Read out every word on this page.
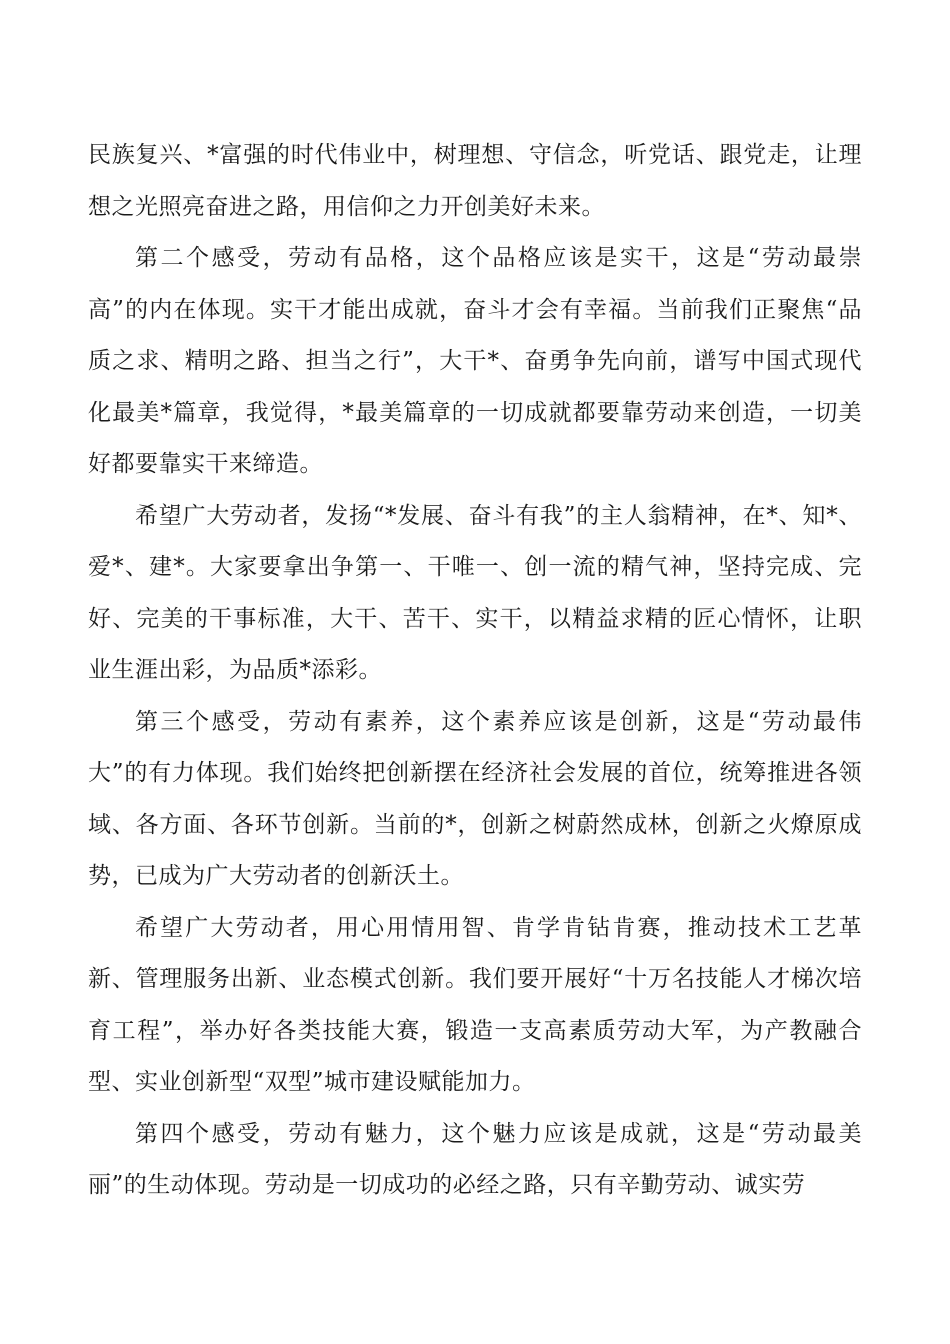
民族复兴、*富强的时代伟业中，树理想、守信念，听党话、跟党走，让理想之光照亮奋进之路，用信仰之力开创美好未来。

第二个感受，劳动有品格，这个品格应该是实干，这是“劳动最崇高”的内在体现。实干才能出成就，奋斗才会有幸福。当前我们正聚焦“品质之求、精明之路、担当之行”，大干*、奋勇争先向前，谱写中国式现代化最美*篇章，我觉得，*最美篇章的一切成就都要靠劳动来创造，一切美好都要靠实干来缔造。

希望广大劳动者，发扬“*发展、奋斗有我”的主人翁精神，在*、知*、爱*、建*。大家要拿出争第一、干唯一、创一流的精气神，坚持完成、完好、完美的干事标准，大干、苦干、实干，以精益求精的匠心情怀，让职业生涯出彩，为品质*添彩。

第三个感受，劳动有素养，这个素养应该是创新，这是“劳动最伟大”的有力体现。我们始终把创新摆在经济社会发展的首位，统筹推进各领域、各方面、各环节创新。当前的*，创新之树蔚然成林，创新之火燎原成势，已成为广大劳动者的创新沃土。

希望广大劳动者，用心用情用智、肯学肯钻肯赛，推动技术工艺革新、管理服务出新、业态模式创新。我们要开展好“十万名技能人才梯次培育工程”，举办好各类技能大赛，锻造一支高素质劳动大军，为产教融合型、实业创新型“双型”城市建设赋能加力。

第四个感受，劳动有魅力，这个魅力应该是成就，这是“劳动最美丽”的生动体现。劳动是一切成功的必经之路，只有辛勤劳动、诚实劳
